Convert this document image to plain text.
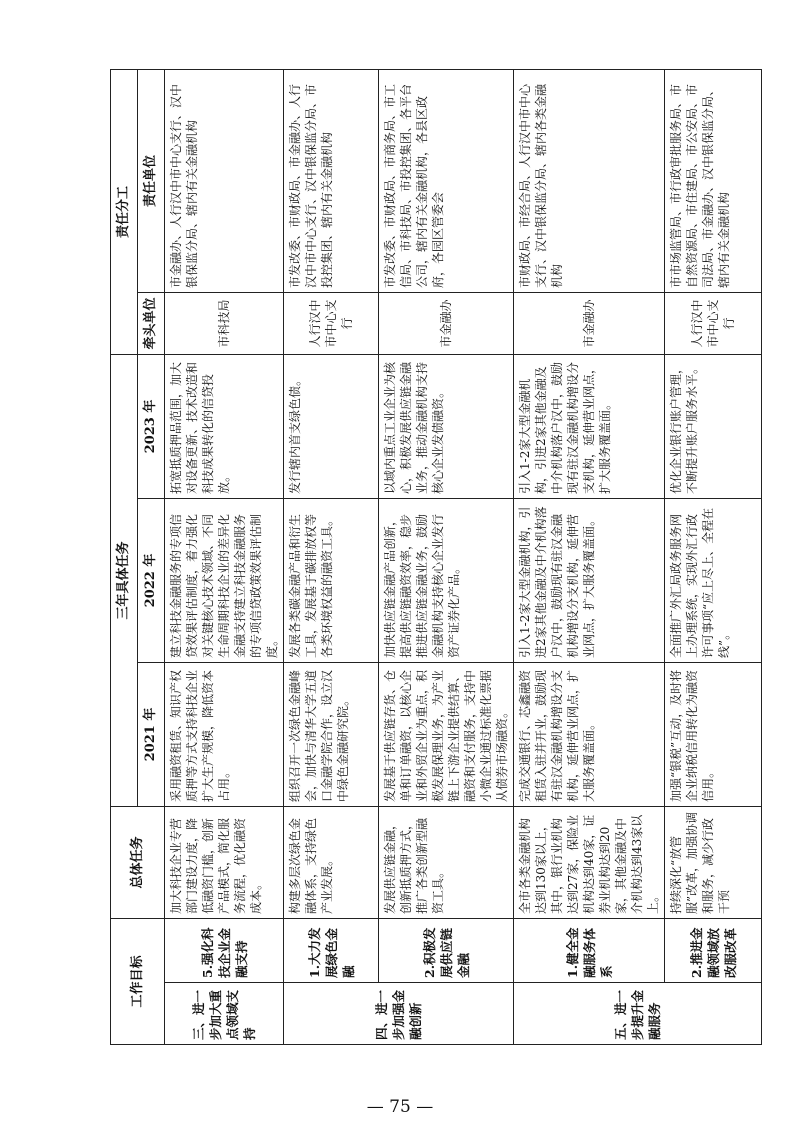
工作目标		总体任务	三年具体任务			责任分工	
			2021 年	2022 年	2023 年	牵头单位	责任单位
三、进一步加大重点领域支持	5.强化科技企业金融支持	加大科技企业专营部门建设力度，降低融资门槛，创新产品模式，简化服务流程，优化融资成本。	采用融资租赁、知识产权质押等方式支持科技企业扩大生产规模，降低资本占用。	建立科技金融服务的专项信贷效果评估制度，着力强化对关键核心技术领域、不同生命周期科技企业的差异化金融支持建立科技金融服务的专项信贷政策效果评估制度。	拓宽抵质押品范围，加大对设备更新、技术改造和科技成果转化的信贷投放。	市科技局	市金融办、人行汉中市中心支行、汉中银保监分局、辖内有关金融机构
四、进一步加强金融创新	1.大力发展绿色金融	构建多层次绿色金融体系，支持绿色产业发展。	组织召开一次绿色金融峰会，加快与清华大学五道口金融学院合作，设立汉中绿色金融研究院。	发展各类碳金融产品和衍生工具，发展基于碳排放权等各类环境权益的融资工具。	发行辖内首支绿色债。	人行汉中市中心支行	市发改委、市财政局、市金融办、人行汉中市中心支行、汉中银保监分局、市投控集团、辖内有关金融机构
	2.积极发展供应链金融	发展供应链金融，创新抵质押方式，推广各类创新型融资工具。	发展基于供应链存货、仓单和订单融资，以核心企业和外贸企业为重点，积极发展保理业务，为产业链上下游企业提供结算、融资和支付服务，支持中小微企业通过标准化票据从债券市场融资。	加快供应链金融产品创新，提高供应链融资效率，稳步推进供应链金融业务，鼓励金融机构支持核心企业发行资产证券化产品。	以域内重点工业企业为核心，积极发展供应链金融业务，推动金融机构支持核心企业发债融资。	市金融办	市发改委、市财政局、市商务局、市工信局、市科技局、市投控集团、各平台公司，辖内有关金融机构，各县区政府，各园区管委会
五、进一步提升金融服务	1.健全金融服务体系	全市各类金融机构达到130家以上，其中，银行业机构达到27家，保险业机构达到40家，证券业机构达到20家，其他金融及中介机构达到43家以上。	完成交通银行、芯鑫融资租赁入驻并开业，鼓励现有驻汉金融机构增设分支机构，延伸营业网点，扩大服务覆盖面。	引入1-2家大型金融机构，引进2家其他金融及中介机构落户汉中，鼓励现有驻汉金融机构增设分支机构，延伸营业网点，扩大服务覆盖面。	引入1-2家大型金融机构，引进2家其他金融及中介机构落户汉中，鼓励现有驻汉金融机构增设分支机构，延伸营业网点，扩大服务覆盖面。	市金融办	市财政局、市经合局、人行汉中市中心支行、汉中银保监分局、辖内各类金融机构
	2.推进金融领域放改服改革	持续深化“放管服”改革，加强协调和服务，减少行政干预	加强“银税”互动，及时将企业纳税信用转化为融资信用。	全面推广外汇局政务服务网上办理系统，实现外汇行政许可事项“应上尽上、全程在线”。	优化企业银行账户管理，不断提升账户服务水平。	人行汉中市中心支行	市市场监管局、市行政审批服务局、市自然资源局、市住建局、市公安局、市司法局、市金融办、汉中银保监分局、辖内有关金融机构
— 75 —
